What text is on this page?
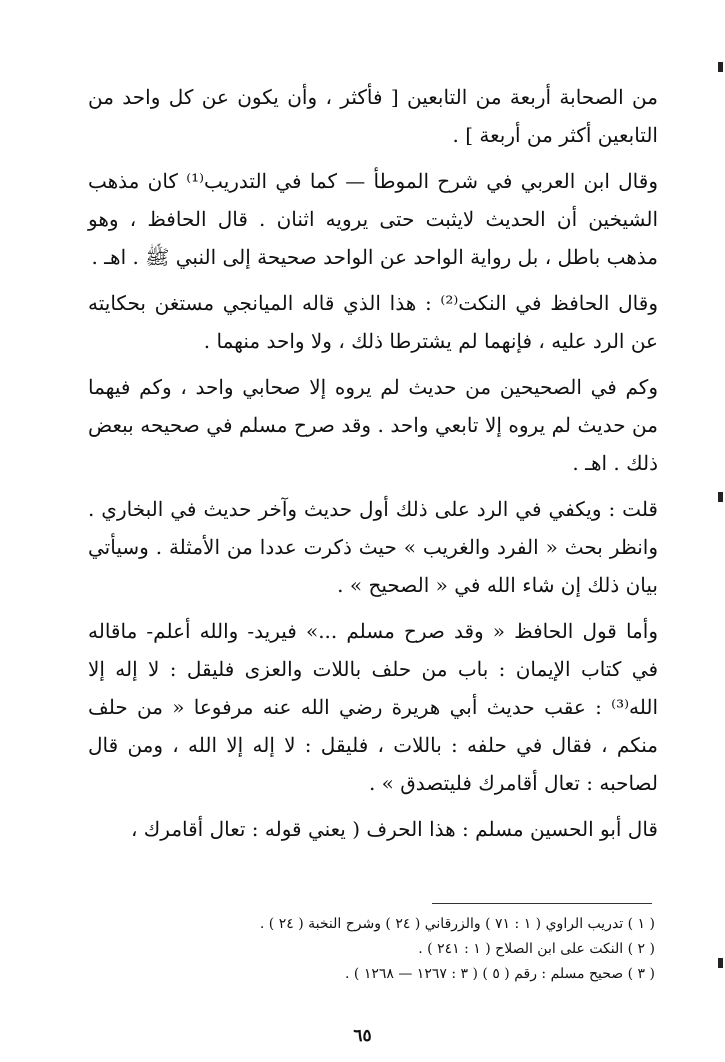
من الصحابة أربعة من التابعين [ فأكثر ، وأن يكون عن كل واحد من التابعين أكثر من أربعة ] .

وقال ابن العربي في شرح الموطأ — كما في التدريب⁽¹⁾ كان مذهب الشيخين أن الحديث لايثبت حتى يرويه اثنان . قال الحافظ ، وهو مذهب باطل ، بل رواية الواحد عن الواحد صحيحة إلى النبي ﷺ . اهـ .

وقال الحافظ في النكت⁽²⁾ : هذا الذي قاله الميانجي مستغن بحكايته عن الرد عليه ، فإنهما لم يشترطا ذلك ، ولا واحد منهما .

وكم في الصحيحين من حديث لم يروه إلا صحابي واحد ، وكم فيهما من حديث لم يروه إلا تابعي واحد . وقد صرح مسلم في صحيحه ببعض ذلك . اهـ .

قلت : ويكفي في الرد على ذلك أول حديث وآخر حديث في البخاري . وانظر بحث « الفرد والغريب » حيث ذكرت عددا من الأمثلة . وسيأتي بيان ذلك إن شاء الله في « الصحيح » .

وأما قول الحافظ « وقد صرح مسلم ...» فيريد- والله أعلم- ماقاله في كتاب الإيمان : باب من حلف باللات والعزى فليقل : لا إله إلا الله⁽³⁾ : عقب حديث أبي هريرة رضي الله عنه مرفوعا « من حلف منكم ، فقال في حلفه : باللات ، فليقل : لا إله إلا الله ، ومن قال لصاحبه : تعال أقامرك فليتصدق » .

قال أبو الحسين مسلم : هذا الحرف ( يعني قوله : تعال أقامرك ،

( ١ ) تدريب الراوي ( ١ : ٧١ ) والزرقاني ( ٢٤ ) وشرح النخبة ( ٢٤ ) .

( ٢ ) النكت على ابن الصلاح ( ١ : ٢٤١ ) .

( ٣ ) صحيح مسلم : رقم ( ٥ ) ( ٣ : ١٢٦٧ — ١٢٦٨ ) .

٦٥
